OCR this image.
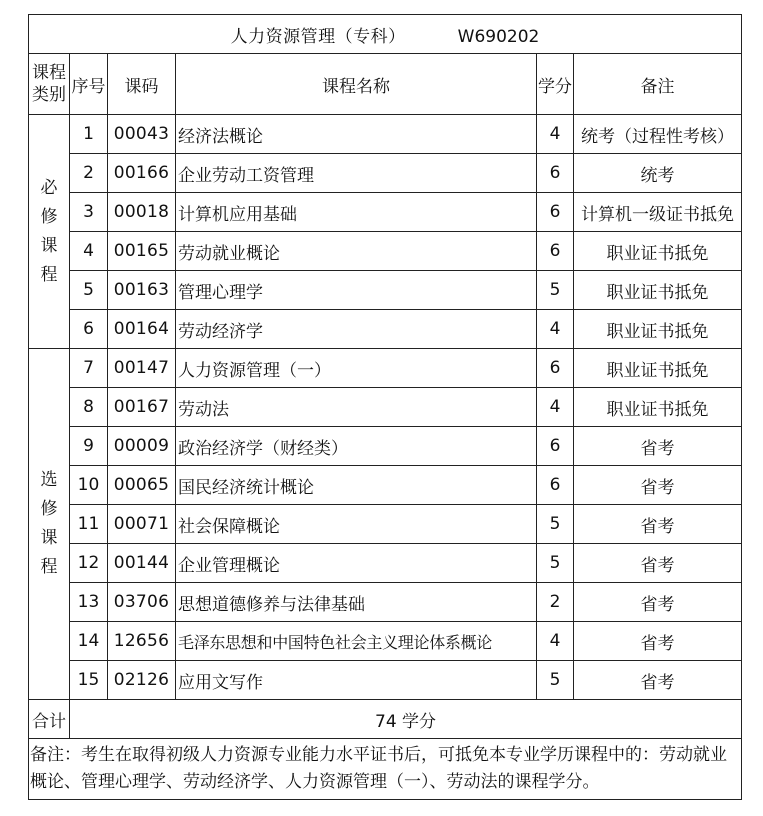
人力资源管理（专科） W690202					
课程类别	序号	课码	课程名称	学分	备注
必修课程	1	00043	经济法概论	4	统考（过程性考核）
	2	00166	企业劳动工资管理	6	统考
	3	00018	计算机应用基础	6	计算机一级证书抵免
	4	00165	劳动就业概论	6	职业证书抵免
	5	00163	管理心理学	5	职业证书抵免
	6	00164	劳动经济学	4	职业证书抵免
选修课程	7	00147	人力资源管理（一）	6	职业证书抵免
	8	00167	劳动法	4	职业证书抵免
	9	00009	政治经济学（财经类）	6	省考
	10	00065	国民经济统计概论	6	省考
	11	00071	社会保障概论	5	省考
	12	00144	企业管理概论	5	省考
	13	03706	思想道德修养与法律基础	2	省考
	14	12656	毛泽东思想和中国特色社会主义理论体系概论	4	省考
	15	02126	应用文写作	5	省考
合计	74 学分				
备注：考生在取得初级人力资源专业能力水平证书后，可抵免本专业学历课程中的：劳动就业概论、管理心理学、劳动经济学、人力资源管理（一）、劳动法的课程学分。					
